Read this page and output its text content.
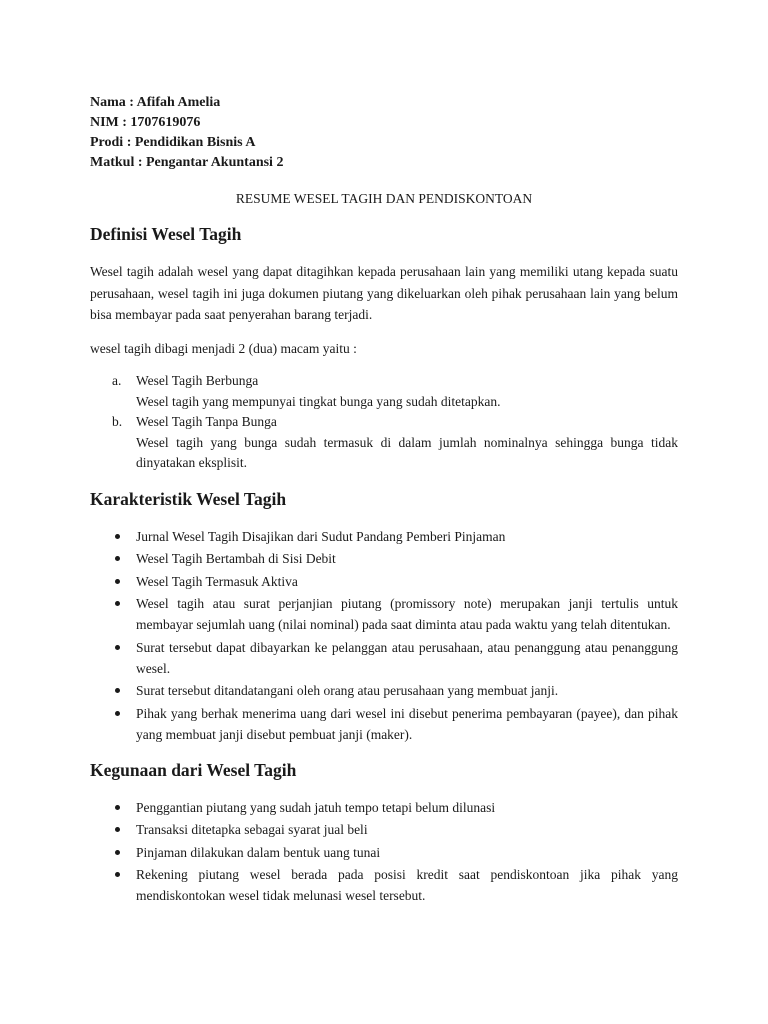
Nama : Afifah Amelia
NIM : 1707619076
Prodi : Pendidikan Bisnis A
Matkul : Pengantar Akuntansi 2
RESUME WESEL TAGIH DAN PENDISKONTOAN
Definisi Wesel Tagih

Wesel tagih adalah wesel yang dapat ditagihkan kepada perusahaan lain yang memiliki utang kepada suatu perusahaan, wesel tagih ini juga dokumen piutang yang dikeluarkan oleh pihak perusahaan lain yang belum bisa membayar pada saat penyerahan barang terjadi.

wesel tagih dibagi menjadi 2 (dua) macam yaitu :

a. Wesel Tagih Berbunga
Wesel tagih yang mempunyai tingkat bunga yang sudah ditetapkan.
b. Wesel Tagih Tanpa Bunga
Wesel tagih yang bunga sudah termasuk di dalam jumlah nominalnya sehingga bunga tidak dinyatakan eksplisit.
Karakteristik Wesel Tagih
Jurnal Wesel Tagih Disajikan dari Sudut Pandang Pemberi Pinjaman
Wesel Tagih Bertambah di Sisi Debit
Wesel Tagih Termasuk Aktiva
Wesel tagih atau surat perjanjian piutang (promissory note) merupakan janji tertulis untuk membayar sejumlah uang (nilai nominal) pada saat diminta atau pada waktu yang telah ditentukan.
Surat tersebut dapat dibayarkan ke pelanggan atau perusahaan, atau penanggung atau penanggung wesel.
Surat tersebut ditandatangani oleh orang atau perusahaan yang membuat janji.
Pihak yang berhak menerima uang dari wesel ini disebut penerima pembayaran (payee), dan pihak yang membuat janji disebut pembuat janji (maker).
Kegunaan dari Wesel Tagih
Penggantian piutang yang sudah jatuh tempo tetapi belum dilunasi
Transaksi ditetapka sebagai syarat jual beli
Pinjaman dilakukan dalam bentuk uang tunai
Rekening piutang wesel berada pada posisi kredit saat pendiskontoan jika pihak yang mendiskontokan wesel tidak melunasi wesel tersebut.
